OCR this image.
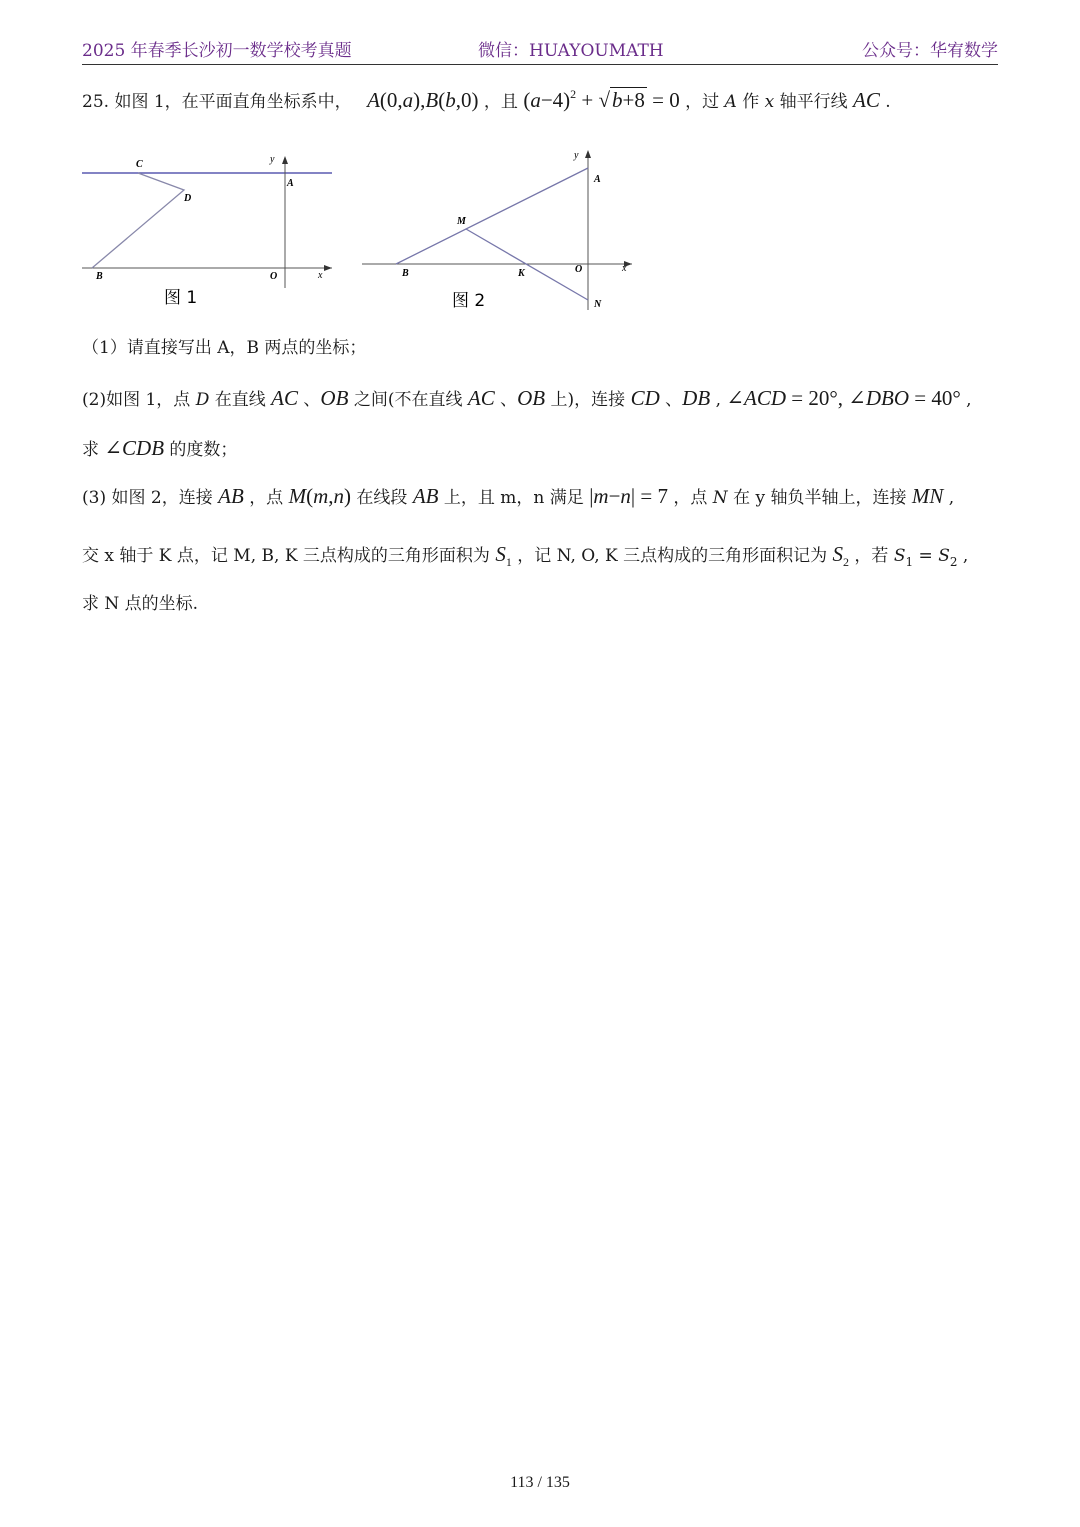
2025 年春季长沙初一数学校考真题	微信：HUAYOUMATH	公众号：华宥数学
25. 如图 1，在平面直角坐标系中， A(0,a),B(b,0) ，且 $(a-4)^2 + √b+8 = 0$ ，过 A 作 x 轴平行线 AC .
C
D
A
B	O	x
y
图 1
M
A
B	K	O
N
x
y
图 2
（1）请直接写出 A，B 两点的坐标；
(2)如图 1，点 D 在直线 AC 、OB 之间(不在直线 AC 、OB 上)，连接 CD 、DB , ∠ACD = 20°, ∠DBO = 40° ,
求 ∠CDB 的度数；
(3) 如图 2，连接 AB ，点 M(m,n) 在线段 AB 上，且 m，n 满足 |m−n| = 7 ，点 N 在 y 轴负半轴上，连接 MN ,
交 x 轴于 K 点，记 M, B, K 三点构成的三角形面积为 $S_1$ ，记 N, O, K 三点构成的三角形面积记为 $S_2$ ，若 $S_1 = S_2$ ,
求 N 点的坐标.
113 / 135
